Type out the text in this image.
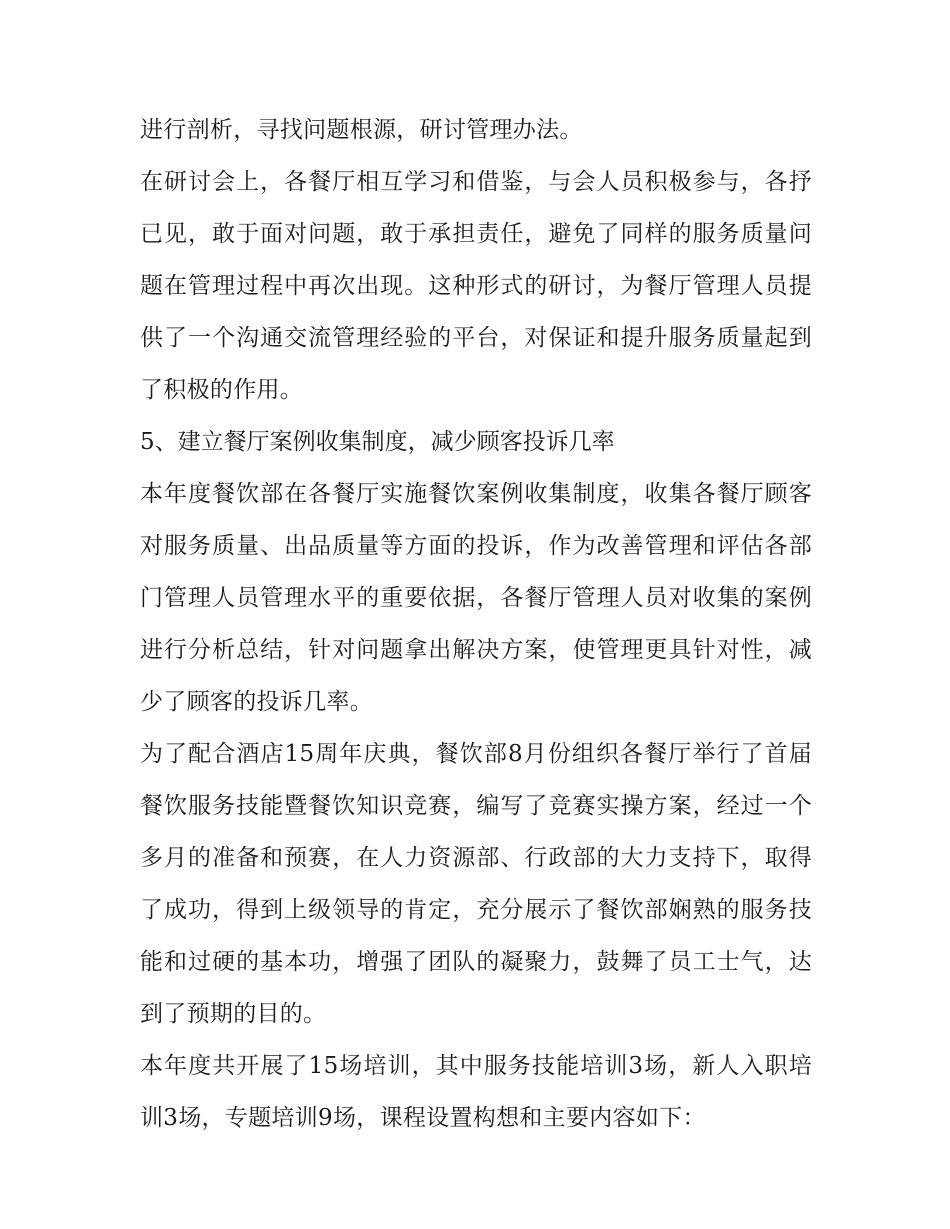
进行剖析，寻找问题根源，研讨管理办法。

在研讨会上，各餐厅相互学习和借鉴，与会人员积极参与，各抒已见，敢于面对问题，敢于承担责任，避免了同样的服务质量问题在管理过程中再次出现。这种形式的研讨，为餐厅管理人员提供了一个沟通交流管理经验的平台，对保证和提升服务质量起到了积极的作用。

5、建立餐厅案例收集制度，减少顾客投诉几率

本年度餐饮部在各餐厅实施餐饮案例收集制度，收集各餐厅顾客对服务质量、出品质量等方面的投诉，作为改善管理和评估各部门管理人员管理水平的重要依据，各餐厅管理人员对收集的案例进行分析总结，针对问题拿出解决方案，使管理更具针对性，减少了顾客的投诉几率。

为了配合酒店15周年庆典，餐饮部8月份组织各餐厅举行了首届餐饮服务技能暨餐饮知识竞赛，编写了竞赛实操方案，经过一个多月的准备和预赛，在人力资源部、行政部的大力支持下，取得了成功，得到上级领导的肯定，充分展示了餐饮部娴熟的服务技能和过硬的基本功，增强了团队的凝聚力，鼓舞了员工士气，达到了预期的目的。

本年度共开展了15场培训，其中服务技能培训3场，新人入职培训3场，专题培训9场，课程设置构想和主要内容如下：
